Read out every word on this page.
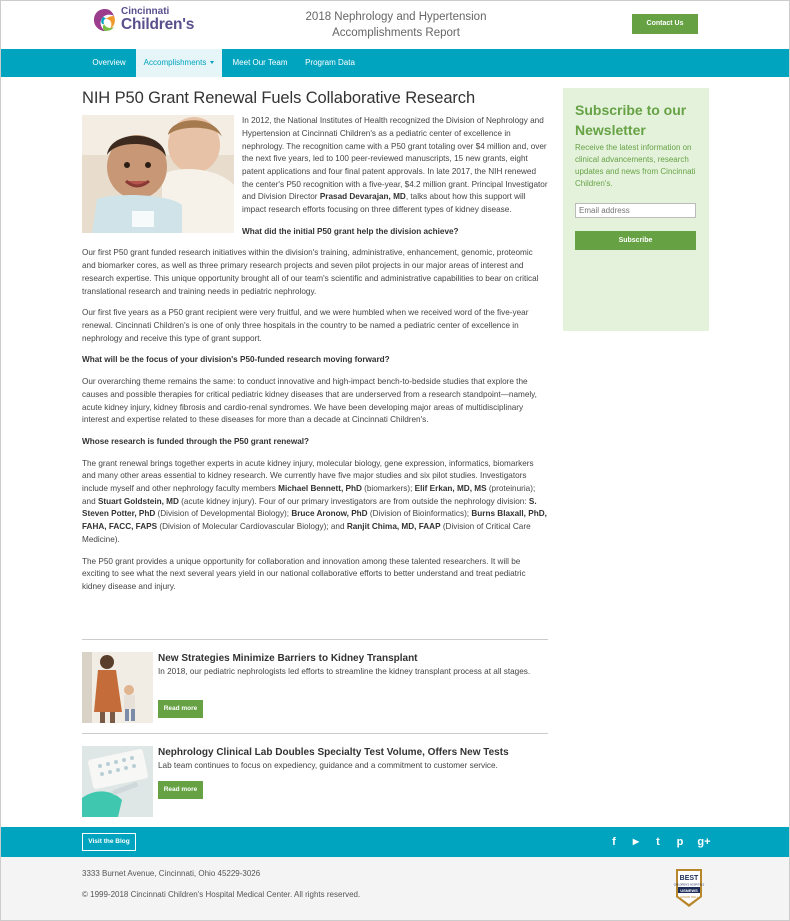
Cincinnati
Children's	2018 Nephrology and Hypertension
Accomplishments Report
Contact Us
Overview	Accomplishments	Meet Our Team	Program Data
NIH P50 Grant Renewal Fuels Collaborative Research

In 2012, the National Institutes of Health recognized the Division of Nephrology and Hypertension at Cincinnati Children's as a pediatric center of excellence in nephrology. The recognition came with a P50 grant totaling over $4 million and, over the next five years, led to 100 peer-reviewed manuscripts, 15 new grants, eight patent applications and four final patent approvals. In late 2017, the NIH renewed the center's P50 recognition with a five-year, $4.2 million grant. Principal Investigator and Division Director Prasad Devarajan, MD, talks about how this support will impact research efforts focusing on three different types of kidney disease.

What did the initial P50 grant help the division achieve?

Our first P50 grant funded research initiatives within the division's training, administrative, enhancement, genomic, proteomic and biomarker cores, as well as three primary research projects and seven pilot projects in our major areas of interest and research expertise. This unique opportunity brought all of our team's scientific and administrative capabilities to bear on critical translational research and training needs in pediatric nephrology.

Our first five years as a P50 grant recipient were very fruitful, and we were humbled when we received word of the five-year renewal. Cincinnati Children's is one of only three hospitals in the country to be named a pediatric center of excellence in nephrology and receive this type of grant support.

What will be the focus of your division's P50-funded research moving forward?

Our overarching theme remains the same: to conduct innovative and high-impact bench-to-bedside studies that explore the causes and possible therapies for critical pediatric kidney diseases that are underserved from a research standpoint—namely, acute kidney injury, kidney fibrosis and cardio-renal syndromes. We have been developing major areas of multidisciplinary interest and expertise related to these diseases for more than a decade at Cincinnati Children's.

Whose research is funded through the P50 grant renewal?

The grant renewal brings together experts in acute kidney injury, molecular biology, gene expression, informatics, biomarkers and many other areas essential to kidney research. We currently have five major studies and six pilot studies. Investigators include myself and other nephrology faculty members Michael Bennett, PhD (biomarkers); Elif Erkan, MD, MS (proteinuria); and Stuart Goldstein, MD (acute kidney injury). Four of our primary investigators are from outside the nephrology division: S. Steven Potter, PhD (Division of Developmental Biology); Bruce Aronow, PhD (Division of Bioinformatics); Burns Blaxall, PhD, FAHA, FACC, FAPS (Division of Molecular Cardiovascular Biology); and Ranjit Chima, MD, FAAP (Division of Critical Care Medicine).

The P50 grant provides a unique opportunity for collaboration and innovation among these talented researchers. It will be exciting to see what the next several years yield in our national collaborative efforts to better understand and treat pediatric kidney disease and injury.

Subscribe to our Newsletter
Receive the latest information on clinical advancements, research updates and news from Cincinnati Children's.
Email address
Subscribe
New Strategies Minimize Barriers to Kidney Transplant
In 2018, our pediatric nephrologists led efforts to streamline the kidney transplant process at all stages.
Read more
Nephrology Clinical Lab Doubles Specialty Test Volume, Offers New Tests
Lab team continues to focus on expediency, guidance and a commitment to customer service.
Read more
Visit the Blog	f	▶	t	p	g+
3333 Burnet Avenue, Cincinnati, Ohio 45229-3026
© 1999-2018 Cincinnati Children's Hospital Medical Center. All rights reserved.
BEST
CHILDREN'S HOSPITALS
USNEWS
HONOR ROLL
